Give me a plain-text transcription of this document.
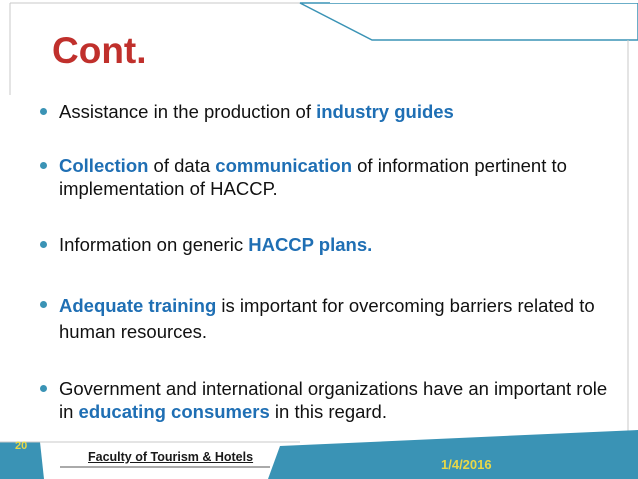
Cont.
Assistance in the production of industry guides
Collection of data communication of information pertinent to implementation of HACCP.
Information on generic HACCP plans.
Adequate training is important for overcoming barriers related to human resources.
Government and international organizations have an important role in educating consumers in this regard.
20
Faculty of Tourism & Hotels	1/4/2016
